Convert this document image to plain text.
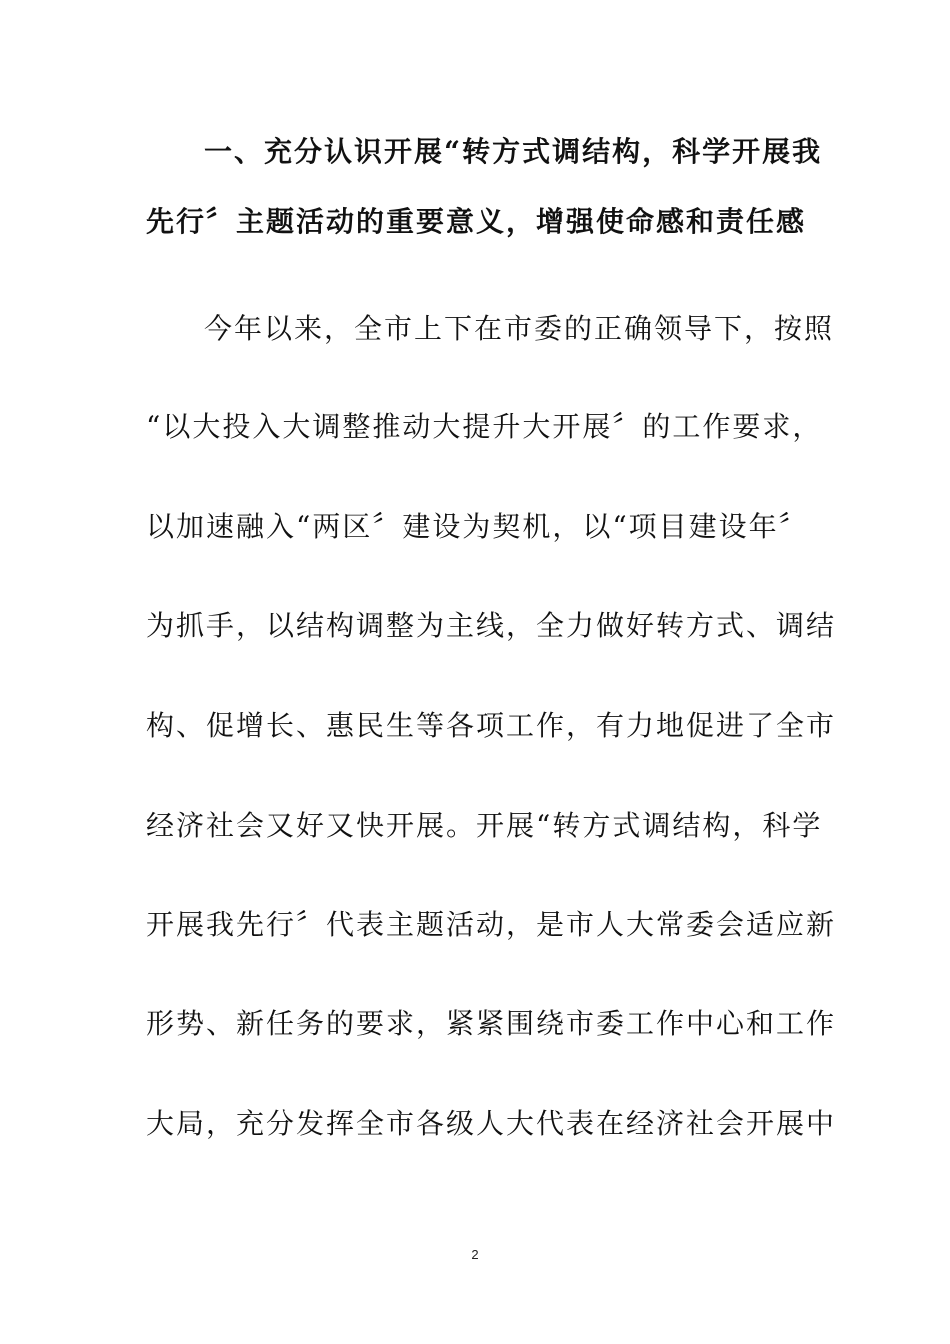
一、充分认识开展“转方式调结构，科学开展我
先行〞主题活动的重要意义，增强使命感和责任感
今年以来，全市上下在市委的正确领导下，按照
“以大投入大调整推动大提升大开展〞的工作要求，
以加速融入“两区〞建设为契机，以“项目建设年〞
为抓手，以结构调整为主线，全力做好转方式、调结
构、促增长、惠民生等各项工作，有力地促进了全市
经济社会又好又快开展。开展“转方式调结构，科学
开展我先行〞代表主题活动，是市人大常委会适应新
形势、新任务的要求，紧紧围绕市委工作中心和工作
大局，充分发挥全市各级人大代表在经济社会开展中
2
